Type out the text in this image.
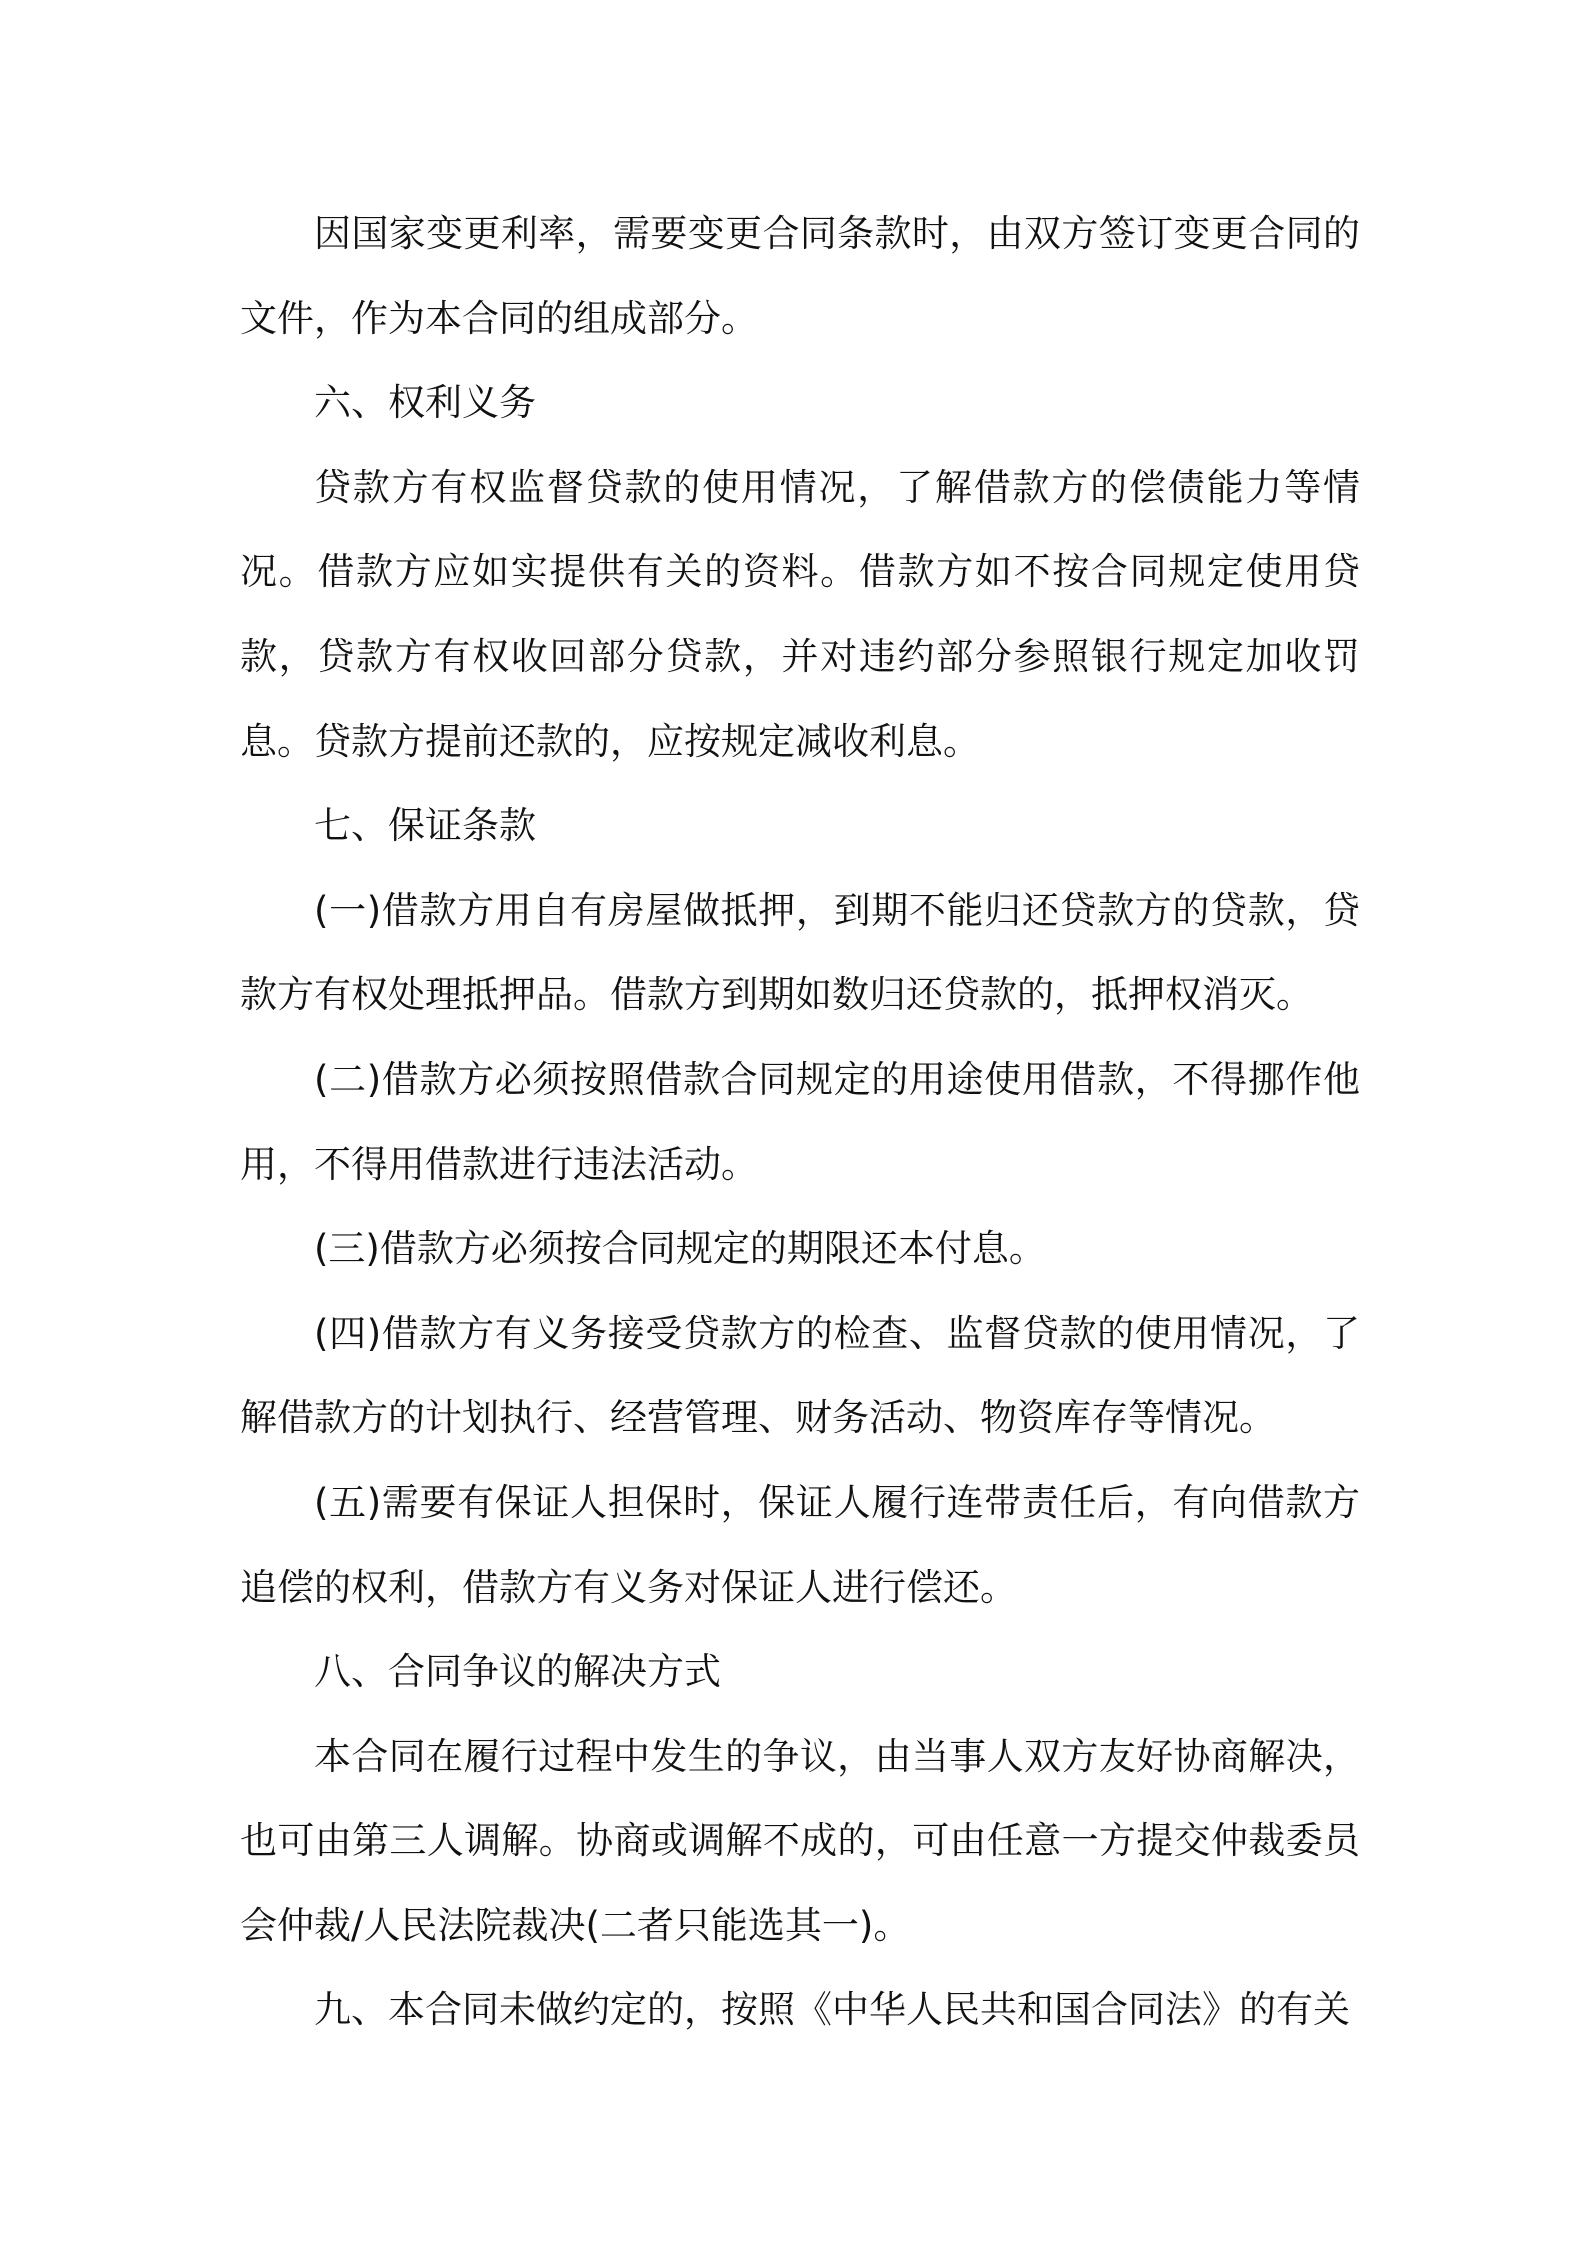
因国家变更利率，需要变更合同条款时，由双方签订变更合同的文件，作为本合同的组成部分。

六、权利义务

贷款方有权监督贷款的使用情况，了解借款方的偿债能力等情况。借款方应如实提供有关的资料。借款方如不按合同规定使用贷款，贷款方有权收回部分贷款，并对违约部分参照银行规定加收罚息。贷款方提前还款的，应按规定减收利息。

七、保证条款

(一)借款方用自有房屋做抵押，到期不能归还贷款方的贷款，贷款方有权处理抵押品。借款方到期如数归还贷款的，抵押权消灭。

(二)借款方必须按照借款合同规定的用途使用借款，不得挪作他用，不得用借款进行违法活动。

(三)借款方必须按合同规定的期限还本付息。

(四)借款方有义务接受贷款方的检查、监督贷款的使用情况，了解借款方的计划执行、经营管理、财务活动、物资库存等情况。

(五)需要有保证人担保时，保证人履行连带责任后，有向借款方追偿的权利，借款方有义务对保证人进行偿还。

八、合同争议的解决方式

本合同在履行过程中发生的争议，由当事人双方友好协商解决，也可由第三人调解。协商或调解不成的，可由任意一方提交仲裁委员会仲裁/人民法院裁决(二者只能选其一)。

九、本合同未做约定的，按照《中华人民共和国合同法》的有关
